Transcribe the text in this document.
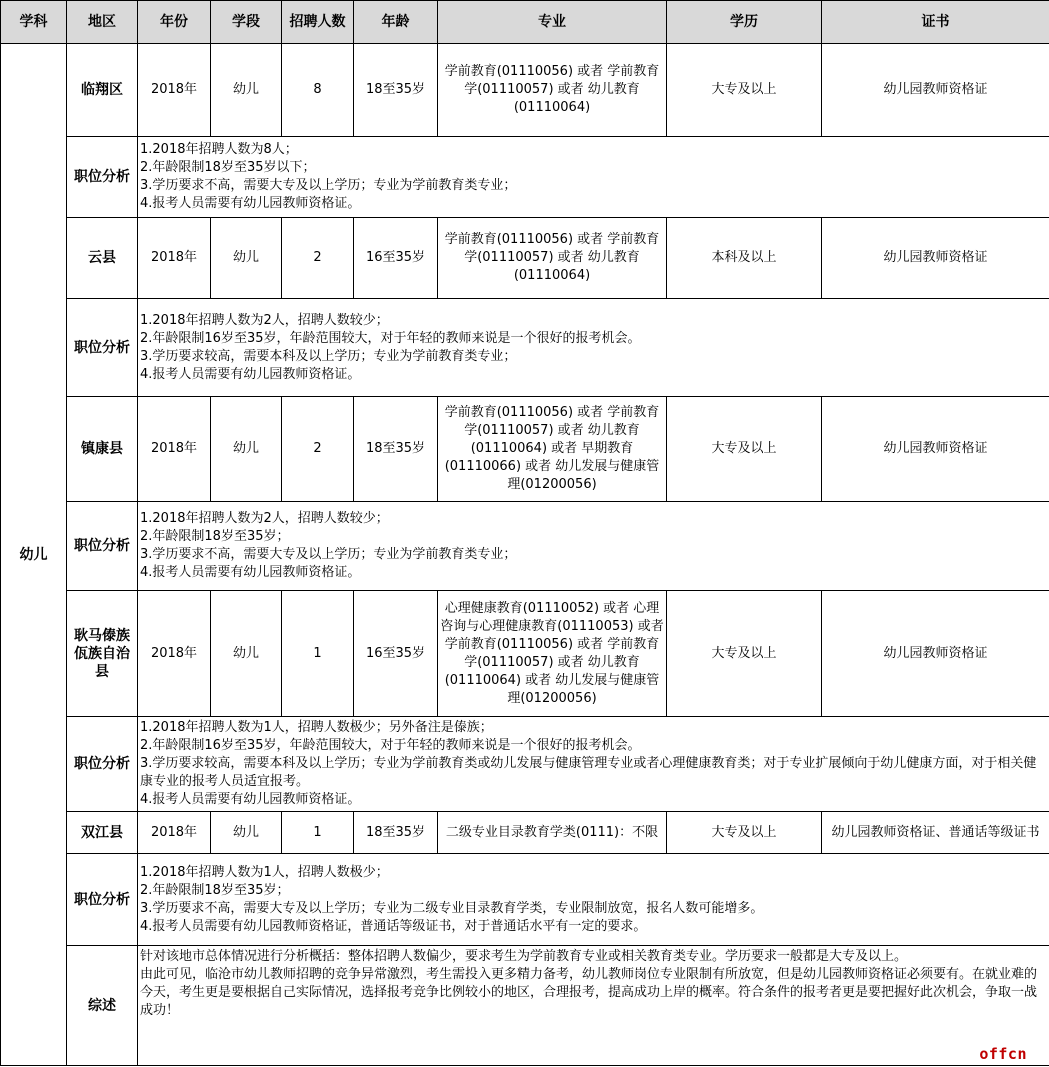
学科	地区	年份	学段	招聘人数	年龄	专业	学历	证书
幼儿	临翔区	2018年	幼儿	8	18至35岁	学前教育(01110056) 或者 学前教育学(01110057) 或者 幼儿教育(01110064)	大专及以上	幼儿园教师资格证
	职位分析	1.2018年招聘人数为8人；
2.年龄限制18岁至35岁以下；
3.学历要求不高，需要大专及以上学历；专业为学前教育类专业；
4.报考人员需要有幼儿园教师资格证。						

	云县	2018年	幼儿	2	16至35岁	学前教育(01110056) 或者 学前教育学(01110057) 或者 幼儿教育(01110064)	本科及以上	幼儿园教师资格证
	职位分析	1.2018年招聘人数为2人，招聘人数较少；
2.年龄限制16岁至35岁，年龄范围较大，对于年轻的教师来说是一个很好的报考机会。
3.学历要求较高，需要本科及以上学历；专业为学前教育类专业；
4.报考人员需要有幼儿园教师资格证。						

	镇康县	2018年	幼儿	2	18至35岁	学前教育(01110056) 或者 学前教育学(01110057) 或者 幼儿教育(01110064) 或者 早期教育(01110066) 或者 幼儿发展与健康管理(01200056)	大专及以上	幼儿园教师资格证
	职位分析	1.2018年招聘人数为2人，招聘人数较少；
2.年龄限制18岁至35岁；
3.学历要求不高，需要大专及以上学历；专业为学前教育类专业；
4.报考人员需要有幼儿园教师资格证。						

	耿马傣族佤族自治县	2018年	幼儿	1	16至35岁	心理健康教育(01110052) 或者 心理咨询与心理健康教育(01110053) 或者 学前教育(01110056) 或者 学前教育学(01110057) 或者 幼儿教育(01110064) 或者 幼儿发展与健康管理(01200056)	大专及以上	幼儿园教师资格证
	职位分析	1.2018年招聘人数为1人，招聘人数极少；另外备注是傣族；
2.年龄限制16岁至35岁，年龄范围较大，对于年轻的教师来说是一个很好的报考机会。
3.学历要求较高，需要本科及以上学历；专业为学前教育类或幼儿发展与健康管理专业或者心理健康教育类；对于专业扩展倾向于幼儿健康方面，对于相关健康专业的报考人员适宜报考。
4.报考人员需要有幼儿园教师资格证。						

	双江县	2018年	幼儿	1	18至35岁	二级专业目录教育学类(0111)：不限	大专及以上	幼儿园教师资格证、普通话等级证书
	职位分析	1.2018年招聘人数为1人，招聘人数极少；
2.年龄限制18岁至35岁；
3.学历要求不高，需要大专及以上学历；专业为二级专业目录教育学类，专业限制放宽，报名人数可能增多。
4.报考人员需要有幼儿园教师资格证，普通话等级证书，对于普通话水平有一定的要求。						

	综述	针对该地市总体情况进行分析概括：整体招聘人数偏少，要求考生为学前教育专业或相关教育类专业。学历要求一般都是大专及以上。
由此可见，临沧市幼儿教师招聘的竞争异常激烈，考生需投入更多精力备考，幼儿教师岗位专业限制有所放宽，但是幼儿园教师资格证必须要有。在就业难的今天，考生更是要根据自己实际情况，选择报考竞争比例较小的地区，合理报考，提高成功上岸的概率。符合条件的报考者更是要把握好此次机会，争取一战成功！						
offcn
